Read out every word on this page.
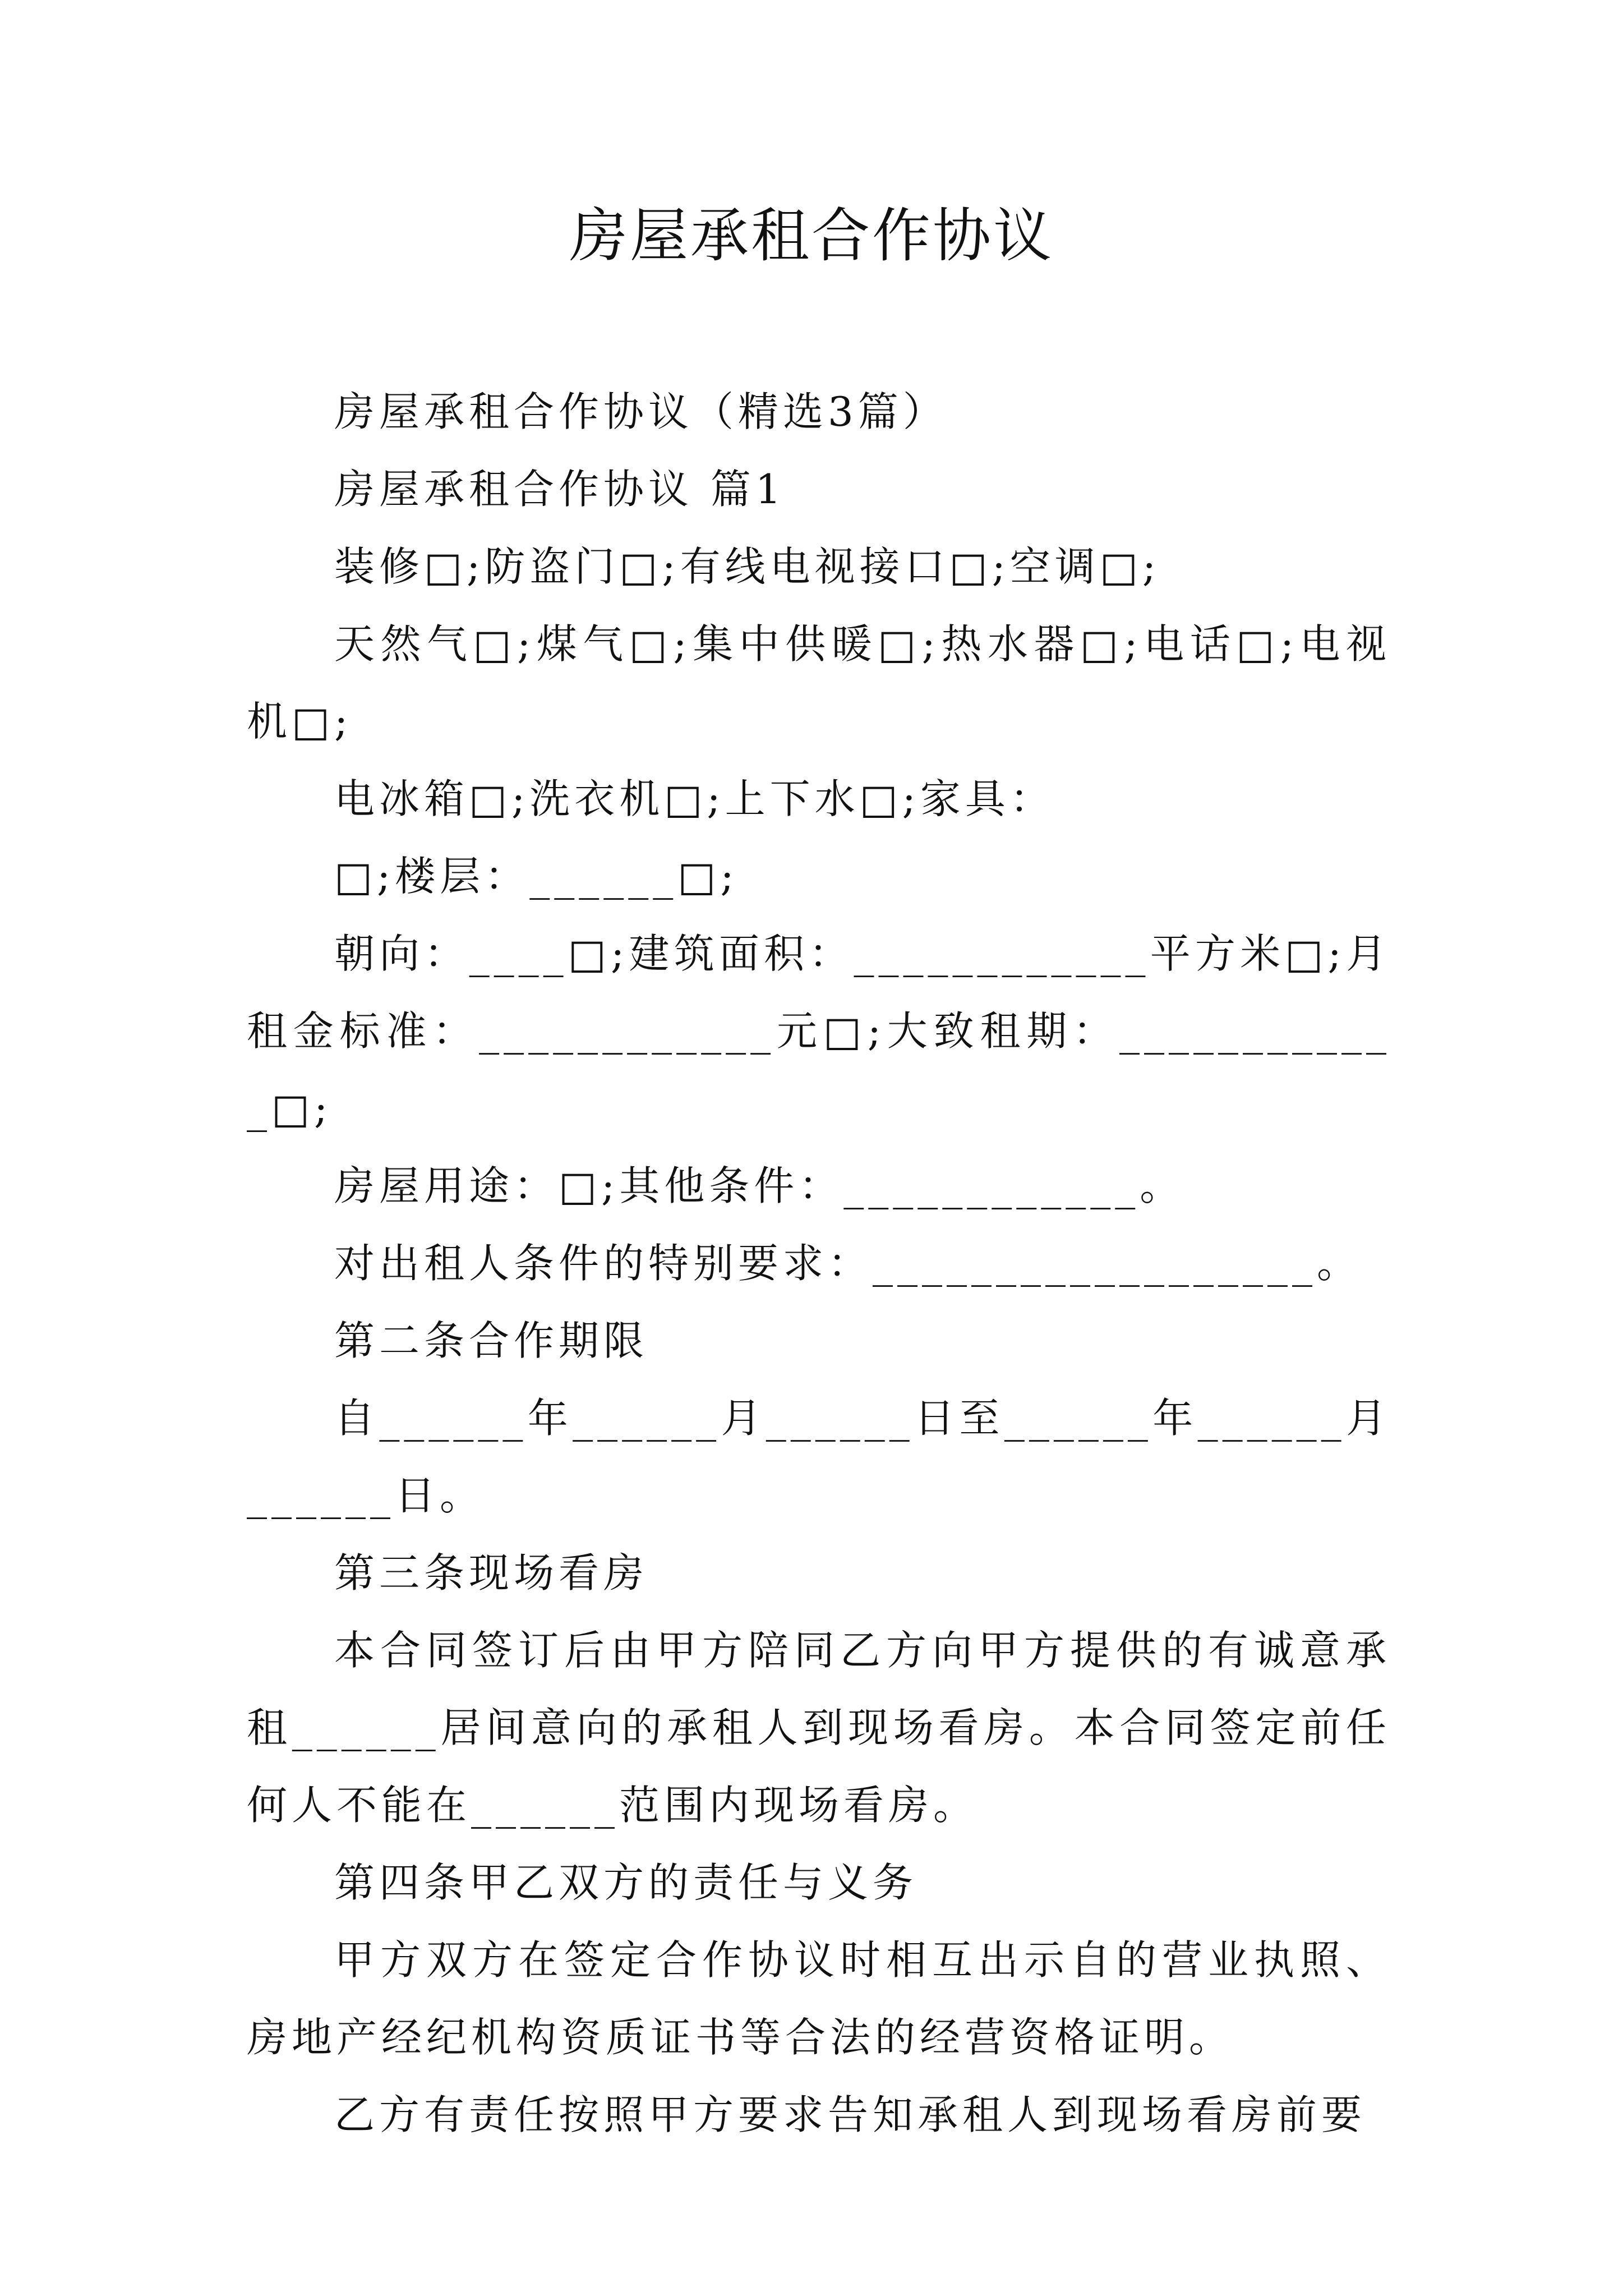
房屋承租合作协议

房屋承租合作协议（精选3篇）

房屋承租合作协议 篇1

装修□;防盗门□;有线电视接口□;空调□;

天然气□;煤气□;集中供暖□;热水器□;电话□;电视机□;

电冰箱□;洗衣机□;上下水□;家具：

□;楼层：______□;

朝向：____□;建筑面积：____________平方米□;月租金标准：____________元□;大致租期：____________□;

房屋用途：□;其他条件：____________。

对出租人条件的特别要求：__________________。

第二条合作期限

自______年______月______日至______年______月______日。

第三条现场看房

本合同签订后由甲方陪同乙方向甲方提供的有诚意承租______居间意向的承租人到现场看房。本合同签定前任何人不能在______范围内现场看房。

第四条甲乙双方的责任与义务

甲方双方在签定合作协议时相互出示自的营业执照、房地产经纪机构资质证书等合法的经营资格证明。

乙方有责任按照甲方要求告知承租人到现场看房前要
